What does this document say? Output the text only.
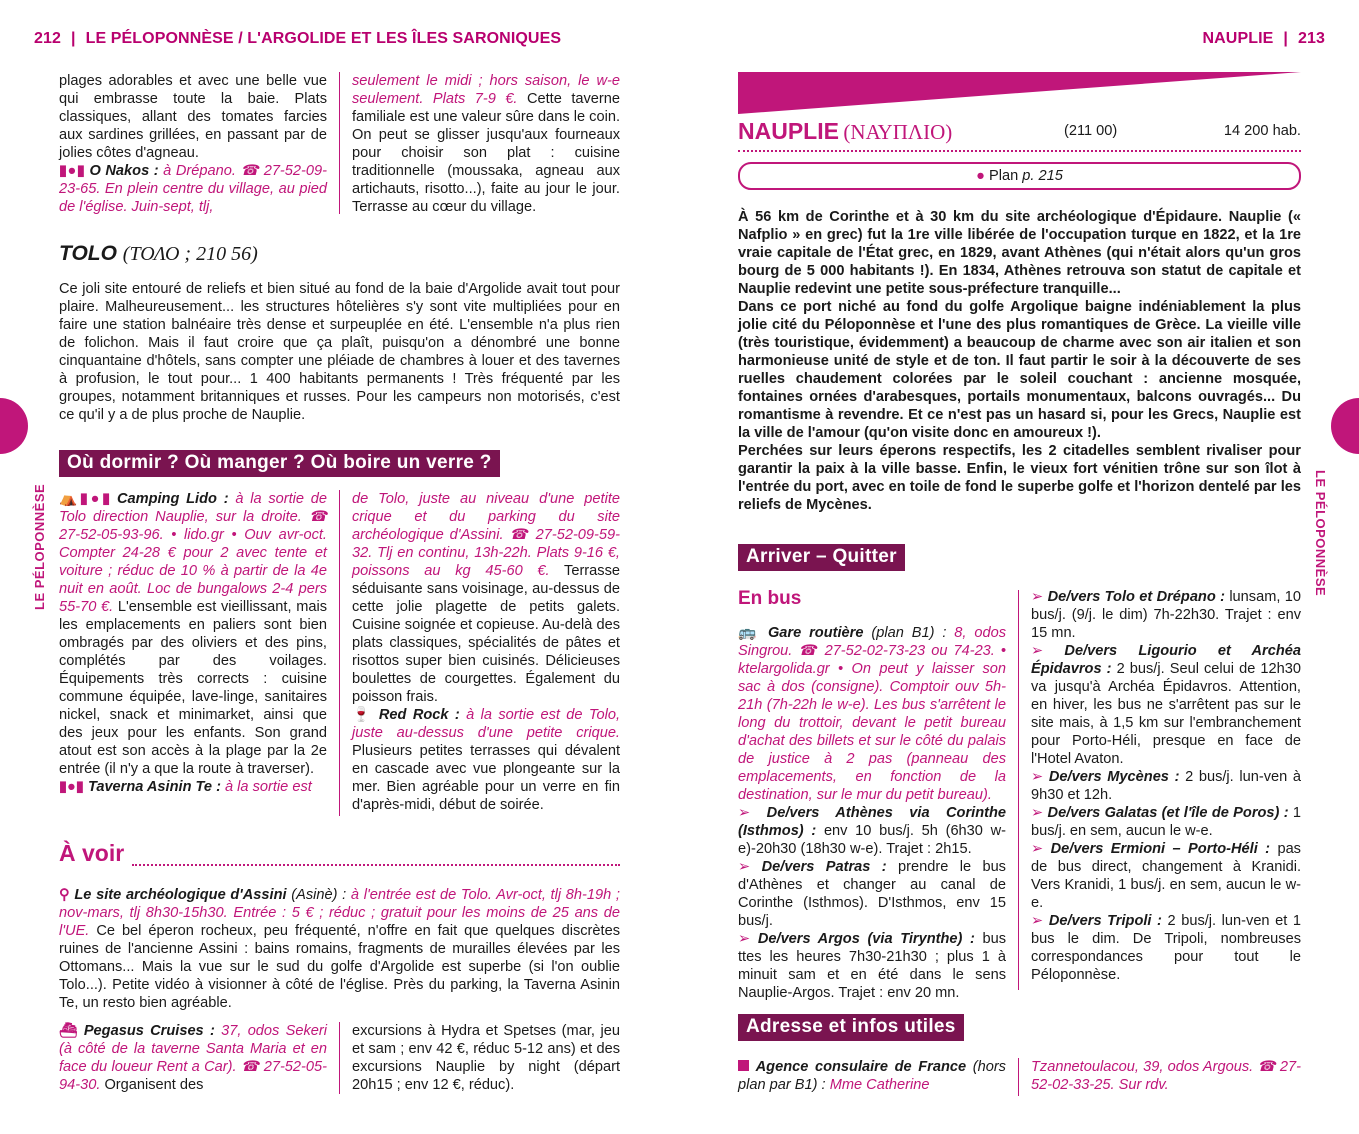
212 | LE PÉLOPONNÈSE / L'ARGOLIDE ET LES ÎLES SARONIQUES

plages adorables et avec une belle vue qui embrasse toute la baie. Plats classiques, allant des tomates farcies aux sardines grillées, en passant par de jolies côtes d'agneau.

▮●▮ O Nakos : à Drépano. ☎ 27-52-09-23-65. En plein centre du village, au pied de l'église. Juin-sept, tlj,

seulement le midi ; hors saison, le w-e seulement. Plats 7-9 €. Cette taverne familiale est une valeur sûre dans le coin. On peut se glisser jusqu'aux fourneaux pour choisir son plat : cuisine traditionnelle (moussaka, agneau aux artichauts, risotto...), faite au jour le jour. Terrasse au cœur du village.

TOLO (ΤΟΛΟ ; 210 56)
Ce joli site entouré de reliefs et bien situé au fond de la baie d'Argolide avait tout pour plaire. Malheureusement... les structures hôtelières s'y sont vite multipliées pour en faire une station balnéaire très dense et surpeuplée en été. L'ensemble n'a plus rien de folichon. Mais il faut croire que ça plaît, puisqu'on a dénombré une bonne cinquantaine d'hôtels, sans compter une pléiade de chambres à louer et des tavernes à profusion, le tout pour... 1 400 habitants permanents ! Très fréquenté par les groupes, notamment britanniques et russes. Pour les campeurs non motorisés, c'est ce qu'il y a de plus proche de Nauplie.
Où dormir ? Où manger ? Où boire un verre ?

⛺▮●▮ Camping Lido : à la sortie de Tolo direction Nauplie, sur la droite. ☎ 27-52-05-93-96. • lido.gr • Ouv avr-oct. Compter 24-28 € pour 2 avec tente et voiture ; réduc de 10 % à partir de la 4e nuit en août. Loc de bungalows 2-4 pers 55-70 €. L'ensemble est vieillissant, mais les emplacements en paliers sont bien ombragés par des oliviers et des pins, complétés par des voilages. Équipements très corrects : cuisine commune équipée, lave-linge, sanitaires nickel, snack et minimarket, ainsi que des jeux pour les enfants. Son grand atout est son accès à la plage par la 2e entrée (il n'y a que la route à traverser).

▮●▮ Taverna Asinin Te : à la sortie est

de Tolo, juste au niveau d'une petite crique et du parking du site archéologique d'Assini. ☎ 27-52-09-59-32. Tlj en continu, 13h-22h. Plats 9-16 €, poissons au kg 45-60 €. Terrasse séduisante sans voisinage, au-dessus de cette jolie plagette de petits galets. Cuisine soignée et copieuse. Au-delà des plats classiques, spécialités de pâtes et risottos super bien cuisinés. Délicieuses boulettes de courgettes. Également du poisson frais.

🍷 Red Rock : à la sortie est de Tolo, juste au-dessus d'une petite crique. Plusieurs petites terrasses qui dévalent en cascade avec vue plongeante sur la mer. Bien agréable pour un verre en fin d'après-midi, début de soirée.

À voir

⚲ Le site archéologique d'Assini (Asinè) : à l'entrée est de Tolo. Avr-oct, tlj 8h-19h ; nov-mars, tlj 8h30-15h30. Entrée : 5 € ; réduc ; gratuit pour les moins de 25 ans de l'UE. Ce bel éperon rocheux, peu fréquenté, n'offre en fait que quelques discrètes ruines de l'ancienne Assini : bains romains, fragments de murailles élevées par les Ottomans... Mais la vue sur le sud du golfe d'Argolide est superbe (si l'on oublie Tolo...). Petite vidéo à visionner à côté de l'église. Près du parking, la Taverna Asinin Te, un resto bien agréable.

⛴ Pegasus Cruises : 37, odos Sekeri (à côté de la taverne Santa Maria et en face du loueur Rent a Car). ☎ 27-52-05-94-30. Organisent des

excursions à Hydra et Spetses (mar, jeu et sam ; env 42 €, réduc 5-12 ans) et des excursions Nauplie by night (départ 20h15 ; env 12 €, réduc).

LE PÉLOPONNÈSE
NAUPLIE | 213
NAUPLIE (ΝΑΥΠΛΙΟ)	(211 00)	14 200 hab.
● Plan p. 215

À 56 km de Corinthe et à 30 km du site archéologique d'Épidaure. Nauplie (« Nafplio » en grec) fut la 1re ville libérée de l'occupation turque en 1822, et la 1re vraie capitale de l'État grec, en 1829, avant Athènes (qui n'était alors qu'un gros bourg de 5 000 habitants !). En 1834, Athènes retrouva son statut de capitale et Nauplie redevint une petite sous-préfecture tranquille...

Dans ce port niché au fond du golfe Argolique baigne indéniablement la plus jolie cité du Péloponnèse et l'une des plus romantiques de Grèce. La vieille ville (très touristique, évidemment) a beaucoup de charme avec son air italien et son harmonieuse unité de style et de ton. Il faut partir le soir à la découverte de ses ruelles chaudement colorées par le soleil couchant : ancienne mosquée, fontaines ornées d'arabesques, portails monumentaux, balcons ouvragés... Du romantisme à revendre. Et ce n'est pas un hasard si, pour les Grecs, Nauplie est la ville de l'amour (qu'on visite donc en amoureux !).

Perchées sur leurs éperons respectifs, les 2 citadelles semblent rivaliser pour garantir la paix à la ville basse. Enfin, le vieux fort vénitien trône sur son îlot à l'entrée du port, avec en toile de fond le superbe golfe et l'horizon dentelé par les reliefs de Mycènes.

Arriver – Quitter
En bus

🚌 Gare routière (plan B1) : 8, odos Singrou. ☎ 27-52-02-73-23 ou 74-23. • ktelargolida.gr • On peut y laisser son sac à dos (consigne). Comptoir ouv 5h-21h (7h-22h le w-e). Les bus s'arrêtent le long du trottoir, devant le petit bureau d'achat des billets et sur le côté du palais de justice à 2 pas (panneau des emplacements, en fonction de la destination, sur le mur du petit bureau).

➢ De/vers Athènes via Corinthe (Isthmos) : env 10 bus/j. 5h (6h30 w-e)-20h30 (18h30 w-e). Trajet : 2h15.

➢ De/vers Patras : prendre le bus d'Athènes et changer au canal de Corinthe (Isthmos). D'Isthmos, env 15 bus/j.

➢ De/vers Argos (via Tirynthe) : bus ttes les heures 7h30-21h30 ; plus 1 à minuit sam et en été dans le sens Nauplie-Argos. Trajet : env 20 mn.

➢ De/vers Tolo et Drépano : lunsam, 10 bus/j. (9/j. le dim) 7h-22h30. Trajet : env 15 mn.

➢ De/vers Ligourio et Archéa Épidavros : 2 bus/j. Seul celui de 12h30 va jusqu'à Archéa Épidavros. Attention, en hiver, les bus ne s'arrêtent pas sur le site mais, à 1,5 km sur l'embranchement pour Porto-Héli, presque en face de l'Hotel Avaton.

➢ De/vers Mycènes : 2 bus/j. lun-ven à 9h30 et 12h.

➢ De/vers Galatas (et l'île de Poros) : 1 bus/j. en sem, aucun le w-e.

➢ De/vers Ermioni – Porto-Héli : pas de bus direct, changement à Kranidi. Vers Kranidi, 1 bus/j. en sem, aucun le w-e.

➢ De/vers Tripoli : 2 bus/j. lun-ven et 1 bus le dim. De Tripoli, nombreuses correspondances pour tout le Péloponnèse.

Adresse et infos utiles

Agence consulaire de France (hors plan par B1) : Mme Catherine

Tzannetoulacou, 39, odos Argous. ☎ 27-52-02-33-25. Sur rdv.

LE PÉLOPONNÈSE
